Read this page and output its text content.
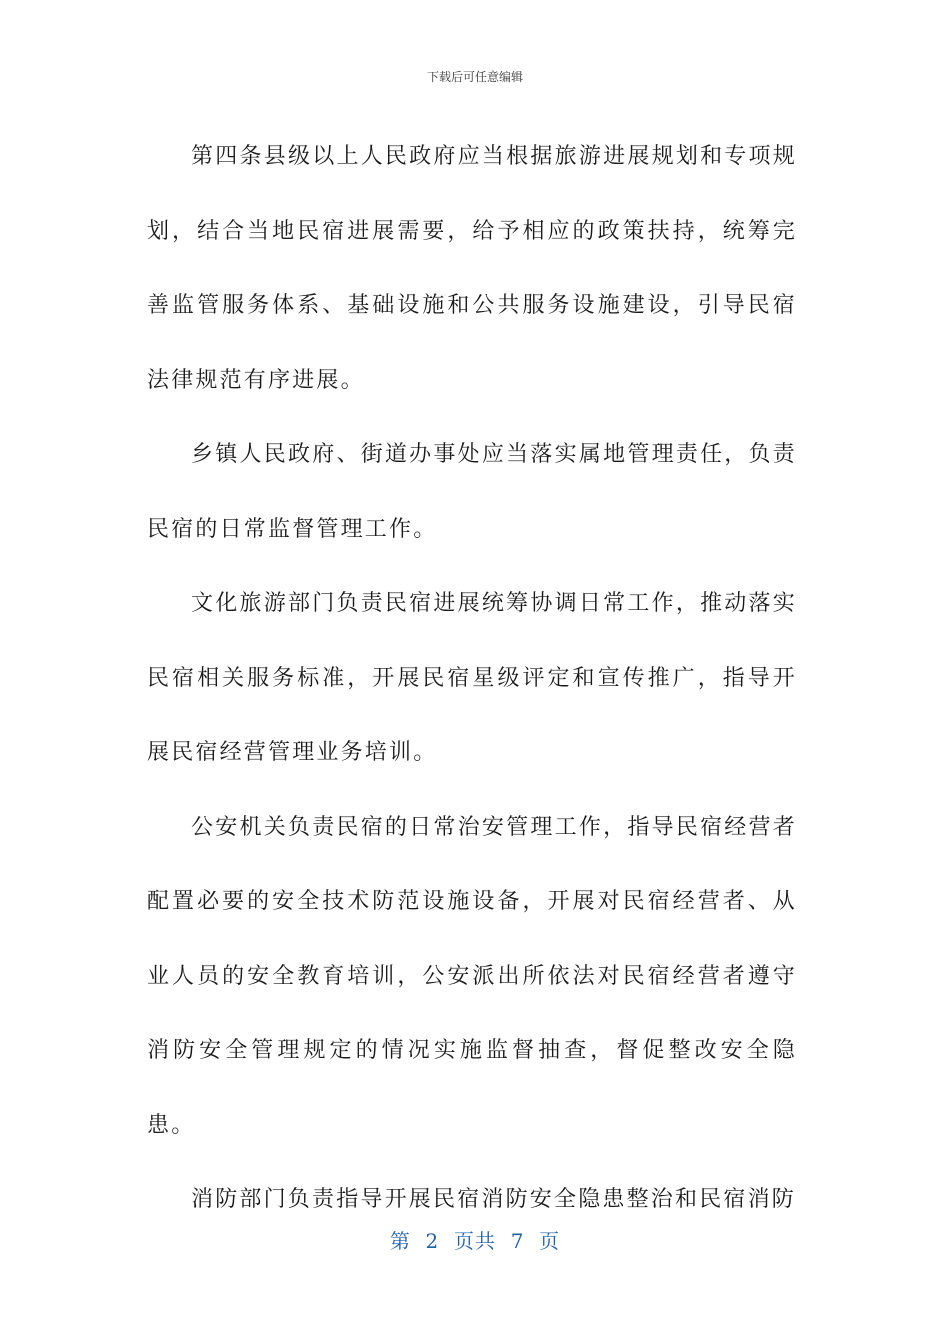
下载后可任意编辑

第四条县级以上人民政府应当根据旅游进展规划和专项规划，结合当地民宿进展需要，给予相应的政策扶持，统筹完善监管服务体系、基础设施和公共服务设施建设，引导民宿法律规范有序进展。

乡镇人民政府、街道办事处应当落实属地管理责任，负责民宿的日常监督管理工作。

文化旅游部门负责民宿进展统筹协调日常工作，推动落实民宿相关服务标准，开展民宿星级评定和宣传推广，指导开展民宿经营管理业务培训。

公安机关负责民宿的日常治安管理工作，指导民宿经营者配置必要的安全技术防范设施设备，开展对民宿经营者、从业人员的安全教育培训，公安派出所依法对民宿经营者遵守消防安全管理规定的情况实施监督抽查，督促整改安全隐患。

消防部门负责指导开展民宿消防安全隐患整治和民宿消防

第  2  页共  7  页
